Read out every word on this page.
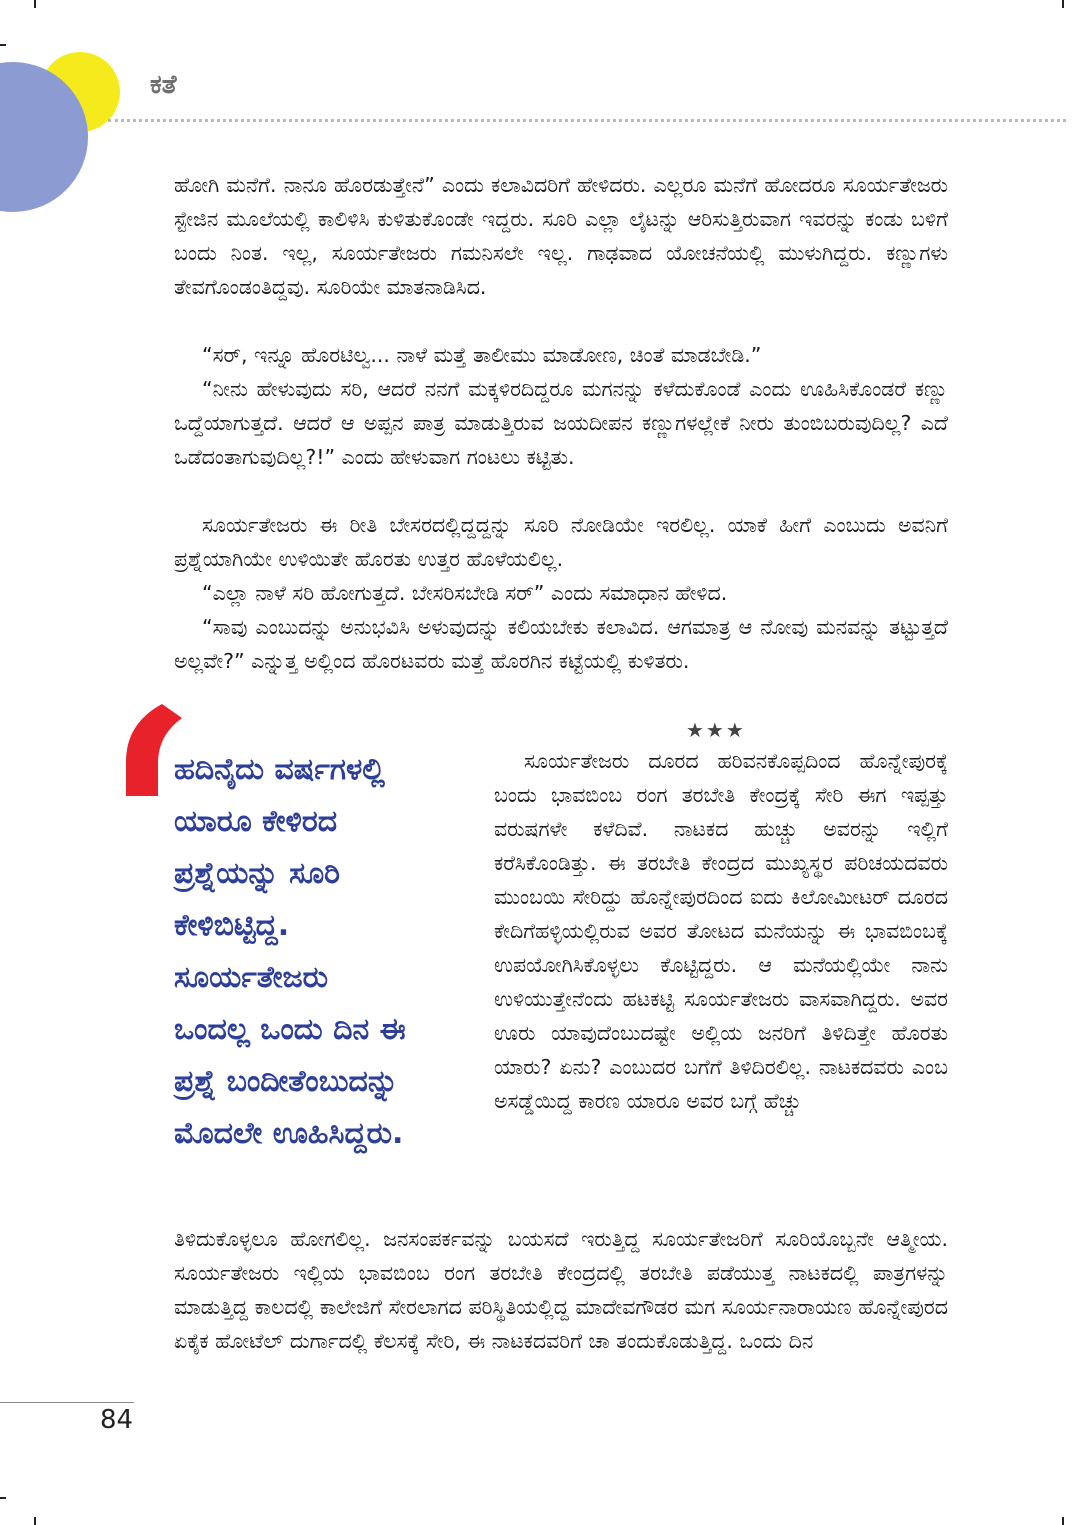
ಕತೆ

ಹೋಗಿ ಮನೆಗೆ. ನಾನೂ ಹೊರಡುತ್ತೇನೆ” ಎಂದು ಕಲಾವಿದರಿಗೆ ಹೇಳಿದರು. ಎಲ್ಲರೂ ಮನೆಗೆ ಹೋದರೂ ಸೂರ್ಯತೇಜರು ಸ್ಟೇಜಿನ ಮೂಲೆಯಲ್ಲಿ ಕಾಲಿಳಿಸಿ ಕುಳಿತುಕೊಂಡೇ ಇದ್ದರು. ಸೂರಿ ಎಲ್ಲಾ ಲೈಟನ್ನು ಆರಿಸುತ್ತಿರುವಾಗ ಇವರನ್ನು ಕಂಡು ಬಳಿಗೆ ಬಂದು ನಿಂತ. ಇಲ್ಲ, ಸೂರ್ಯತೇಜರು ಗಮನಿಸಲೇ ಇಲ್ಲ. ಗಾಢವಾದ ಯೋಚನೆಯಲ್ಲಿ ಮುಳುಗಿದ್ದರು. ಕಣ್ಣುಗಳು ತೇವಗೊಂಡಂತಿದ್ದವು. ಸೂರಿಯೇ ಮಾತನಾಡಿಸಿದ.

“ಸರ್, ಇನ್ನೂ ಹೊರಟಿಲ್ವ... ನಾಳೆ ಮತ್ತೆ ತಾಲೀಮು ಮಾಡೋಣ, ಚಿಂತೆ ಮಾಡಬೇಡಿ.”

“ನೀನು ಹೇಳುವುದು ಸರಿ, ಆದರೆ ನನಗೆ ಮಕ್ಕಳಿರದಿದ್ದರೂ ಮಗನನ್ನು ಕಳೆದುಕೊಂಡೆ ಎಂದು ಊಹಿಸಿಕೊಂಡರೆ ಕಣ್ಣು ಒದ್ದೆಯಾಗುತ್ತದೆ. ಆದರೆ ಆ ಅಪ್ಪನ ಪಾತ್ರ ಮಾಡುತ್ತಿರುವ ಜಯದೀಪನ ಕಣ್ಣುಗಳಲ್ಲೇಕೆ ನೀರು ತುಂಬಿಬರುವುದಿಲ್ಲ? ಎದೆ ಒಡೆದಂತಾಗುವುದಿಲ್ಲ?!” ಎಂದು ಹೇಳುವಾಗ ಗಂಟಲು ಕಟ್ಟಿತು.

ಸೂರ್ಯತೇಜರು ಈ ರೀತಿ ಬೇಸರದಲ್ಲಿದ್ದದ್ದನ್ನು ಸೂರಿ ನೋಡಿಯೇ ಇರಲಿಲ್ಲ. ಯಾಕೆ ಹೀಗೆ ಎಂಬುದು ಅವನಿಗೆ ಪ್ರಶ್ನೆಯಾಗಿಯೇ ಉಳಿಯಿತೇ ಹೊರತು ಉತ್ತರ ಹೊಳೆಯಲಿಲ್ಲ.

“ಎಲ್ಲಾ ನಾಳೆ ಸರಿ ಹೋಗುತ್ತದೆ. ಬೇಸರಿಸಬೇಡಿ ಸರ್” ಎಂದು ಸಮಾಧಾನ ಹೇಳಿದ.

“ಸಾವು ಎಂಬುದನ್ನು ಅನುಭವಿಸಿ ಅಳುವುದನ್ನು ಕಲಿಯಬೇಕು ಕಲಾವಿದ. ಆಗಮಾತ್ರ ಆ ನೋವು ಮನವನ್ನು ತಟ್ಟುತ್ತದೆ ಅಲ್ಲವೇ?” ಎನ್ನುತ್ತ ಅಲ್ಲಿಂದ ಹೊರಟವರು ಮತ್ತೆ ಹೊರಗಿನ ಕಟ್ಟೆಯಲ್ಲಿ ಕುಳಿತರು.

★★★
ಹದಿನೈದು ವರ್ಷಗಳಲ್ಲಿ
ಯಾರೂ ಕೇಳಿರದ
ಪ್ರಶ್ನೆಯನ್ನು ಸೂರಿ
ಕೇಳಿಬಿಟ್ಟಿದ್ದ.
ಸೂರ್ಯತೇಜರು
ಒಂದಲ್ಲ ಒಂದು ದಿನ ಈ
ಪ್ರಶ್ನೆ ಬಂದೀತೆಂಬುದನ್ನು
ಮೊದಲೇ ಊಹಿಸಿದ್ದರು.

ಸೂರ್ಯತೇಜರು ದೂರದ ಹರಿವನಕೊಪ್ಪದಿಂದ ಹೊನ್ನೇಪುರಕ್ಕೆ ಬಂದು ಭಾವಬಿಂಬ ರಂಗ ತರಬೇತಿ ಕೇಂದ್ರಕ್ಕೆ ಸೇರಿ ಈಗ ಇಪ್ಪತ್ತು ವರುಷಗಳೇ ಕಳೆದಿವೆ. ನಾಟಕದ ಹುಚ್ಚು ಅವರನ್ನು ಇಲ್ಲಿಗೆ ಕರೆಸಿಕೊಂಡಿತ್ತು. ಈ ತರಬೇತಿ ಕೇಂದ್ರದ ಮುಖ್ಯಸ್ಥರ ಪರಿಚಯದವರು ಮುಂಬಯಿ ಸೇರಿದ್ದು ಹೊನ್ನೇಪುರದಿಂದ ಐದು ಕಿಲೋಮೀಟರ್ ದೂರದ ಕೇದಿಗೆಹಳ್ಳಿಯಲ್ಲಿರುವ ಅವರ ತೋಟದ ಮನೆಯನ್ನು ಈ ಭಾವಬಿಂಬಕ್ಕೆ ಉಪಯೋಗಿಸಿಕೊಳ್ಳಲು ಕೊಟ್ಟಿದ್ದರು. ಆ ಮನೆಯಲ್ಲಿಯೇ ನಾನು ಉಳಿಯುತ್ತೇನೆಂದು ಹಟಕಟ್ಟಿ ಸೂರ್ಯತೇಜರು ವಾಸವಾಗಿದ್ದರು. ಅವರ ಊರು ಯಾವುದೆಂಬುದಷ್ಟೇ ಅಲ್ಲಿಯ ಜನರಿಗೆ ತಿಳಿದಿತ್ತೇ ಹೊರತು ಯಾರು? ಏನು? ಎಂಬುದರ ಬಗೆಗೆ ತಿಳಿದಿರಲಿಲ್ಲ. ನಾಟಕದವರು ಎಂಬ ಅಸಡ್ಡೆಯಿದ್ದ ಕಾರಣ ಯಾರೂ ಅವರ ಬಗ್ಗೆ ಹೆಚ್ಚು

ತಿಳಿದುಕೊಳ್ಳಲೂ ಹೋಗಲಿಲ್ಲ. ಜನಸಂಪರ್ಕವನ್ನು ಬಯಸದೆ ಇರುತ್ತಿದ್ದ ಸೂರ್ಯತೇಜರಿಗೆ ಸೂರಿಯೊಬ್ಬನೇ ಆತ್ಮೀಯ. ಸೂರ್ಯತೇಜರು ಇಲ್ಲಿಯ ಭಾವಬಿಂಬ ರಂಗ ತರಬೇತಿ ಕೇಂದ್ರದಲ್ಲಿ ತರಬೇತಿ ಪಡೆಯುತ್ತ ನಾಟಕದಲ್ಲಿ ಪಾತ್ರಗಳನ್ನು ಮಾಡುತ್ತಿದ್ದ ಕಾಲದಲ್ಲಿ ಕಾಲೇಜಿಗೆ ಸೇರಲಾಗದ ಪರಿಸ್ಥಿತಿಯಲ್ಲಿದ್ದ ಮಾದೇವಗೌಡರ ಮಗ ಸೂರ್ಯನಾರಾಯಣ ಹೊನ್ನೇಪುರದ ಏಕೈಕ ಹೋಟೆಲ್ ದುರ್ಗಾದಲ್ಲಿ ಕೆಲಸಕ್ಕೆ ಸೇರಿ, ಈ ನಾಟಕದವರಿಗೆ ಚಾ ತಂದುಕೊಡುತ್ತಿದ್ದ. ಒಂದು ದಿನ

84
